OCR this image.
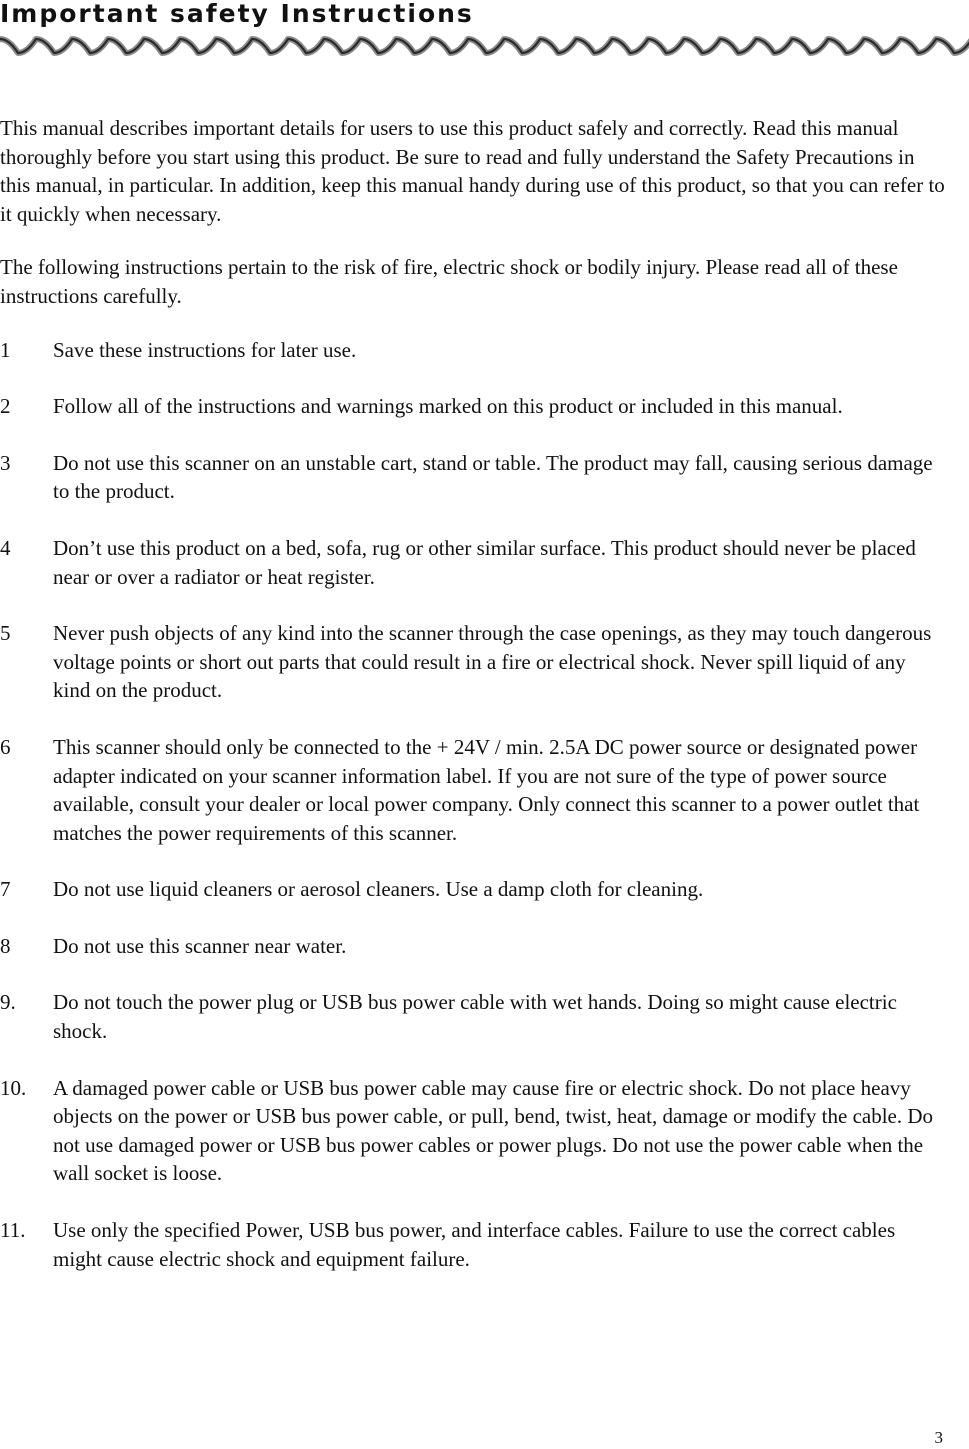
Important safety Instructions

This manual describes important details for users to use this product safely and correctly. Read this manual thoroughly before you start using this product. Be sure to read and fully understand the Safety Precautions in this manual, in particular. In addition, keep this manual handy during use of this product, so that you can refer to it quickly when necessary.

The following instructions pertain to the risk of fire, electric shock or bodily injury. Please read all of these instructions carefully.

1 Save these instructions for later use.
2 Follow all of the instructions and warnings marked on this product or included in this manual.
3 Do not use this scanner on an unstable cart, stand or table. The product may fall, causing serious damage to the product.
4 Don’t use this product on a bed, sofa, rug or other similar surface. This product should never be placed near or over a radiator or heat register.
5 Never push objects of any kind into the scanner through the case openings, as they may touch dangerous voltage points or short out parts that could result in a fire or electrical shock. Never spill liquid of any kind on the product.
6 This scanner should only be connected to the + 24V / min. 2.5A DC power source or designated power adapter indicated on your scanner information label. If you are not sure of the type of power source available, consult your dealer or local power company. Only connect this scanner to a power outlet that matches the power requirements of this scanner.
7 Do not use liquid cleaners or aerosol cleaners. Use a damp cloth for cleaning.
8 Do not use this scanner near water.
9. Do not touch the power plug or USB bus power cable with wet hands. Doing so might cause electric shock.
10. A damaged power cable or USB bus power cable may cause fire or electric shock. Do not place heavy objects on the power or USB bus power cable, or pull, bend, twist, heat, damage or modify the cable. Do not use damaged power or USB bus power cables or power plugs. Do not use the power cable when the wall socket is loose.
11. Use only the specified Power, USB bus power, and interface cables. Failure to use the correct cables might cause electric shock and equipment failure.
3
